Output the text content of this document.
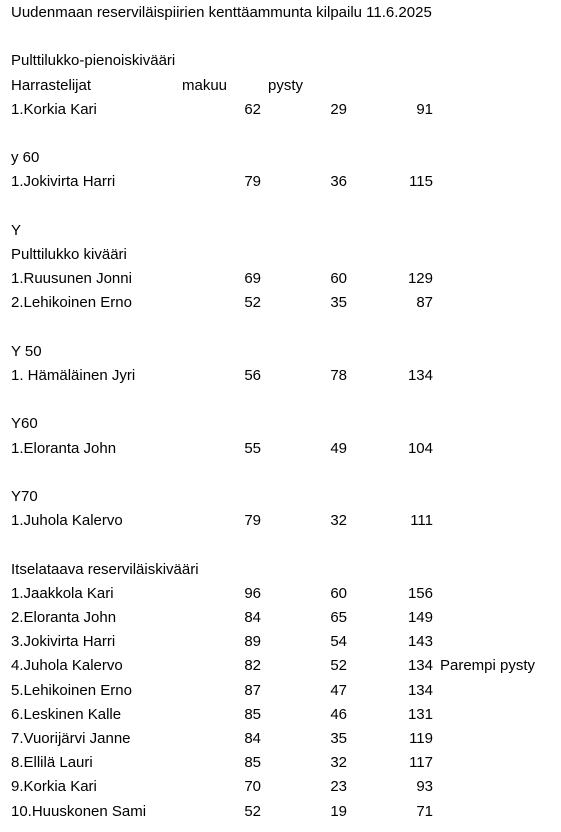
Uudenmaan reserviläispiirien kenttäammunta kilpailu 11.6.2025
Pulttilukko-pienoiskivääri
Harrastelijat	makuu	pysty
1.Korkia Kari	62	29	91
y 60
1.Jokivirta Harri	79	36	115
Y
Pulttilukko kivääri
1.Ruusunen Jonni	69	60	129
2.Lehikoinen Erno	52	35	87
Y 50
1. Hämäläinen Jyri	56	78	134
Y60
1.Eloranta John	55	49	104
Y70
1.Juhola Kalervo	79	32	111
Itselataava reserviläiskivääri
1.Jaakkola Kari	96	60	156
2.Eloranta John	84	65	149
3.Jokivirta Harri	89	54	143
4.Juhola Kalervo	82	52	134 Parempi pysty
5.Lehikoinen Erno	87	47	134
6.Leskinen Kalle	85	46	131
7.Vuorijärvi Janne	84	35	119
8.Ellilä Lauri	85	32	117
9.Korkia Kari	70	23	93
10.Huuskonen Sami	52	19	71
